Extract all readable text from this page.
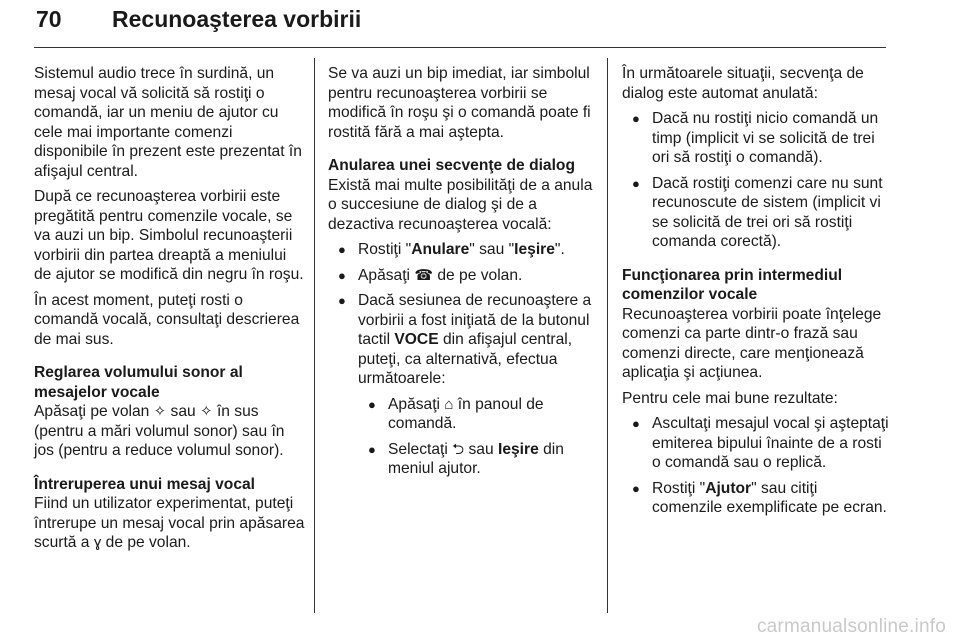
70 Recunoaşterea vorbirii

Sistemul audio trece în surdină, un mesaj vocal vă solicită să rostiţi o comandă, iar un meniu de ajutor cu cele mai importante comenzi disponibile în prezent este prezentat în afişajul central.

După ce recunoaşterea vorbirii este pregătită pentru comenzile vocale, se va auzi un bip. Simbolul recunoaşterii vorbirii din partea dreaptă a meniului de ajutor se modifică din negru în roşu.

În acest moment, puteţi rosti o comandă vocală, consultaţi descrierea de mai sus.

Reglarea volumului sonor al mesajelor vocale

Apăsaţi pe volan ✧ sau ✧ în sus (pentru a mări volumul sonor) sau în jos (pentru a reduce volumul sonor).

Întreruperea unui mesaj vocal

Fiind un utilizator experimentat, puteţi întrerupe un mesaj vocal prin apăsarea scurtă a ɣ de pe volan.

Se va auzi un bip imediat, iar simbolul pentru recunoaşterea vorbirii se modifică în roşu şi o comandă poate fi rostită fără a mai aştepta.

Anularea unei secvenţe de dialog

Există mai multe posibilităţi de a anula o succesiune de dialog şi de a dezactiva recunoaşterea vocală:

● Rostiţi "Anulare" sau "Ieşire".
● Apăsaţi ☎ de pe volan.
● Dacă sesiunea de recunoaştere a vorbirii a fost iniţiată de la butonul tactil VOCE din afişajul central, puteţi, ca alternativă, efectua următoarele:
● Apăsaţi ⌂ în panoul de comandă.
● Selectaţi ⮌ sau Ieşire din meniul ajutor.

În următoarele situaţii, secvenţa de dialog este automat anulată:

● Dacă nu rostiţi nicio comandă un timp (implicit vi se solicită de trei ori să rostiţi o comandă).
● Dacă rostiţi comenzi care nu sunt recunoscute de sistem (implicit vi se solicită de trei ori să rostiţi comanda corectă).

Funcţionarea prin intermediul comenzilor vocale

Recunoaşterea vorbirii poate înţelege comenzi ca parte dintr-o frază sau comenzi directe, care menţionează aplicaţia şi acţiunea.

Pentru cele mai bune rezultate:

● Ascultaţi mesajul vocal şi aşteptaţi emiterea bipului înainte de a rosti o comandă sau o replică.
● Rostiţi "Ajutor" sau citiţi comenzile exemplificate pe ecran.
carmanualsonline.info
